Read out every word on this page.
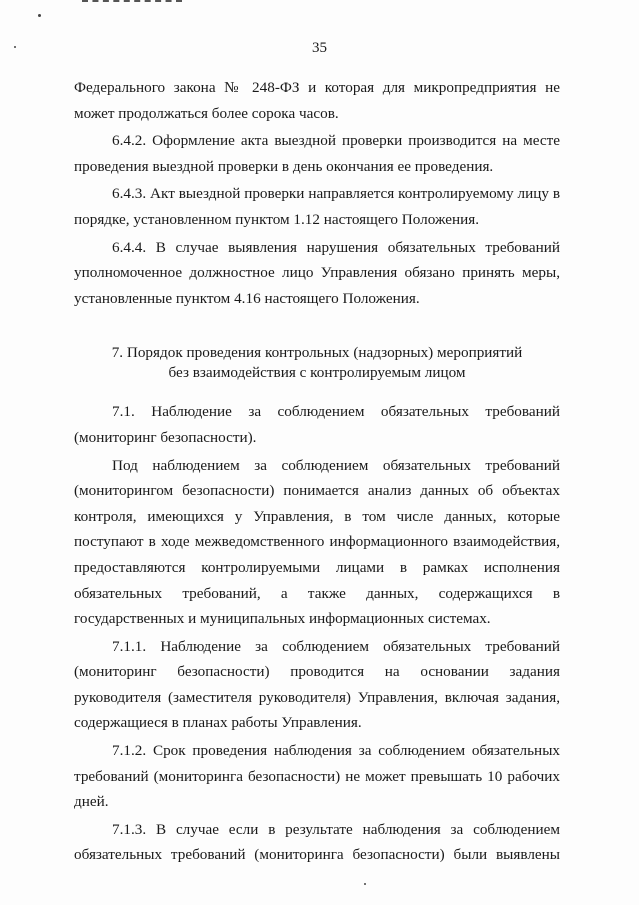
35

Федерального закона № 248-ФЗ и которая для микропредприятия не может продолжаться более сорока часов.

6.4.2. Оформление акта выездной проверки производится на месте проведения выездной проверки в день окончания ее проведения.

6.4.3. Акт выездной проверки направляется контролируемому лицу в порядке, установленном пунктом 1.12 настоящего Положения.

6.4.4. В случае выявления нарушения обязательных требований уполномоченное должностное лицо Управления обязано принять меры, установленные пунктом 4.16 настоящего Положения.

7. Порядок проведения контрольных (надзорных) мероприятий
без взаимодействия с контролируемым лицом

7.1. Наблюдение за соблюдением обязательных требований (мониторинг безопасности).

Под наблюдением за соблюдением обязательных требований (мониторингом безопасности) понимается анализ данных об объектах контроля, имеющихся у Управления, в том числе данных, которые поступают в ходе межведомственного информационного взаимодействия, предоставляются контролируемыми лицами в рамках исполнения обязательных требований, а также данных, содержащихся в государственных и муниципальных информационных системах.

7.1.1. Наблюдение за соблюдением обязательных требований (мониторинг безопасности) проводится на основании задания руководителя (заместителя руководителя) Управления, включая задания, содержащиеся в планах работы Управления.

7.1.2. Срок проведения наблюдения за соблюдением обязательных требований (мониторинга безопасности) не может превышать 10 рабочих дней.

7.1.3. В случае если в результате наблюдения за соблюдением обязательных требований (мониторинга безопасности) были выявлены
